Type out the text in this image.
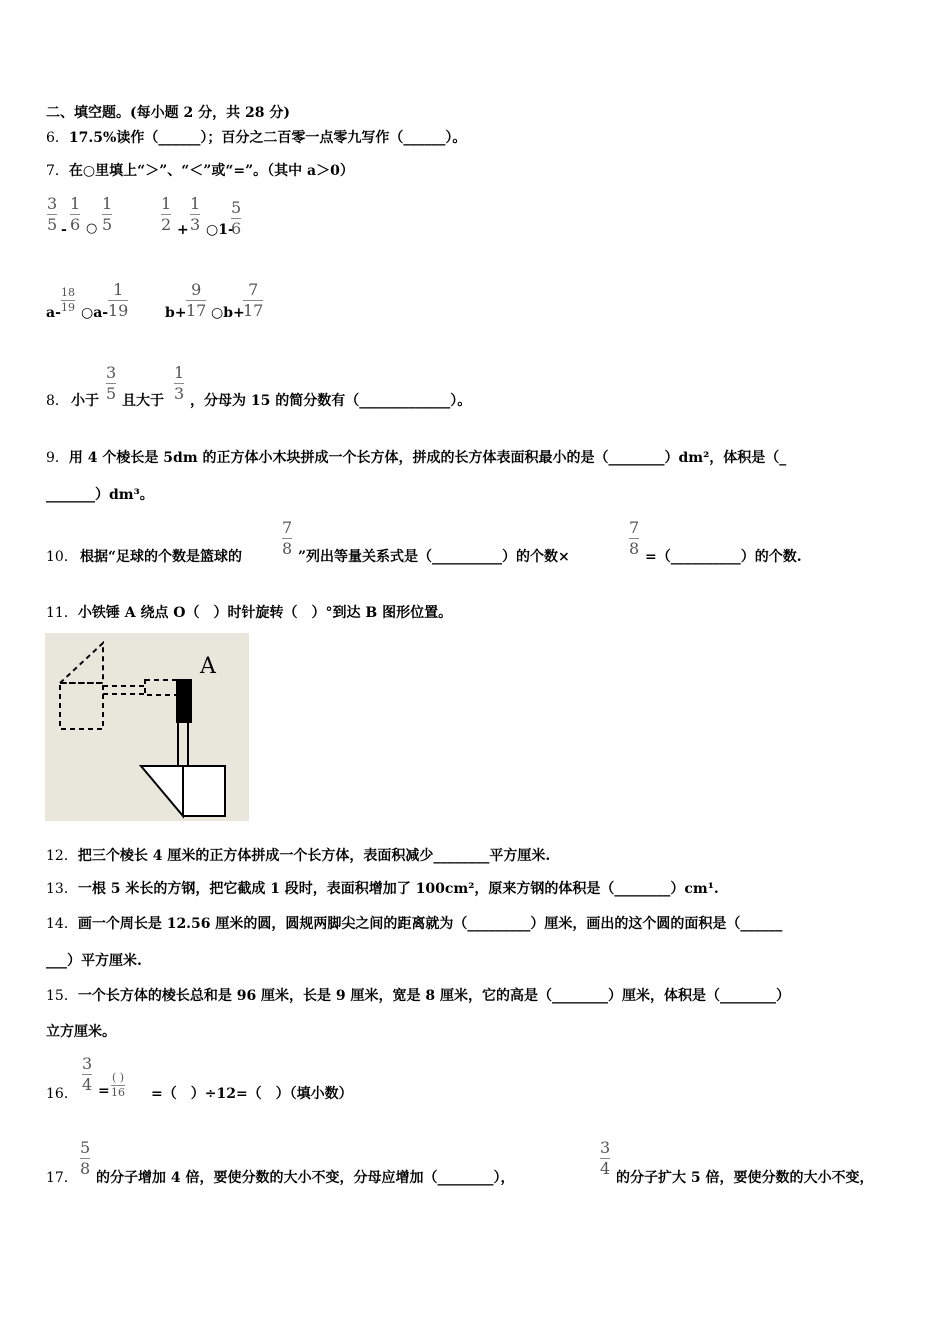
二、填空题。(每小题 2 分，共 28 分)
6．17.5%读作（______）；百分之二百零一点零九写作（______）。
7．在○里填上“＞”、“＜”或“=”。（其中 a＞0）
3
5 -
1
6 ○
1
5
1
2 +
1
3 ○1-
5
6
a-
18
19 ○a-
1
19	b+
9
17 ○b+
7
17
8． 小于
3
5 且大于
1
3 ，分母为 15 的简分数有（_____________）。
9．用 4 个棱长是 5dm 的正方体小木块拼成一个长方体，拼成的长方体表面积最小的是（________）dm²，体积是（_
_______）dm³。
10． 根据“足球的个数是篮球的
7
8 ”列出等量关系式是（__________）的个数×
7
8 =（__________）的个数.
11．小铁锤 A 绕点 O（　）时针旋转（　）°到达 B 图形位置。
A
12．把三个棱长 4 厘米的正方体拼成一个长方体，表面积减少________平方厘米.
13．一根 5 米长的方钢，把它截成 1 段时，表面积增加了 100cm²，原来方钢的体积是（________）cm¹.
14．画一个周长是 12.56 厘米的圆，圆规两脚尖之间的距离就为（_________）厘米，画出的这个圆的面积是（______
___）平方厘米.
15．一个长方体的棱长总和是 96 厘米，长是 9 厘米，宽是 8 厘米，它的高是（________）厘米，体积是（________）
立方厘米。
16．
3
4 =
( )
16 =（　）÷12=（　）（填小数）
17．
5
8 的分子增加 4 倍，要使分数的大小不变，分母应增加（________），
3
4 的分子扩大 5 倍，要使分数的大小不变，
